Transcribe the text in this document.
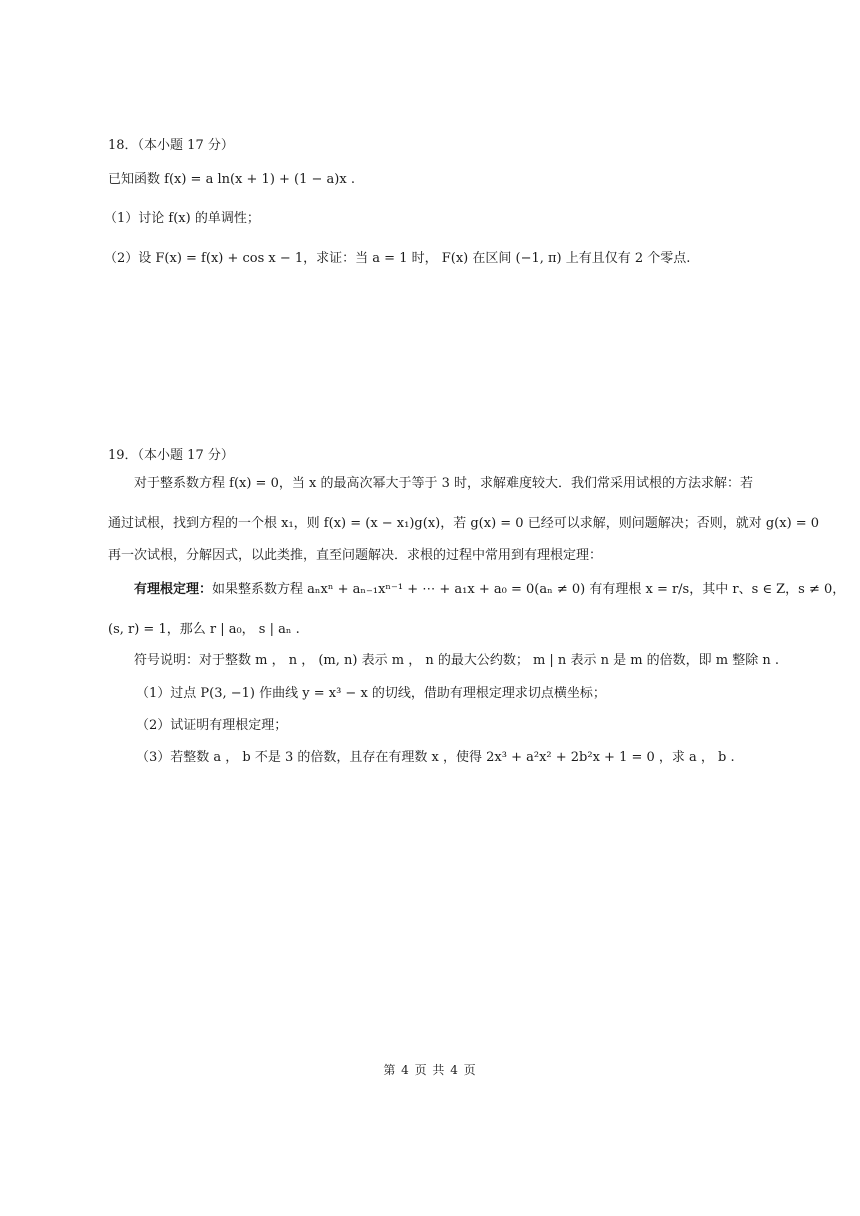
18．（本小题 17 分）
已知函数 f(x) = a ln(x + 1) + (1 − a)x .
（1）讨论 f(x) 的单调性；
（2）设 F(x) = f(x) + cos x − 1，求证：当 a = 1 时， F(x) 在区间 (−1, π) 上有且仅有 2 个零点.
19．（本小题 17 分）
对于整系数方程 f(x) = 0，当 x 的最高次幂大于等于 3 时，求解难度较大．我们常采用试根的方法求解：若
通过试根，找到方程的一个根 x₁，则 f(x) = (x − x₁)g(x)，若 g(x) = 0 已经可以求解，则问题解决；否则，就对 g(x) = 0
再一次试根，分解因式，以此类推，直至问题解决．求根的过程中常用到有理根定理：
有理根定理：如果整系数方程 aₙxⁿ + aₙ₋₁xⁿ⁻¹ + ⋯ + a₁x + a₀ = 0(aₙ ≠ 0) 有有理根 x = r/s，其中 r、s ∈ Z，s ≠ 0，
(s, r) = 1，那么 r | a₀， s | aₙ .
符号说明：对于整数 m ， n ， (m, n) 表示 m ， n 的最大公约数； m | n 表示 n 是 m 的倍数，即 m 整除 n .
（1）过点 P(3, −1) 作曲线 y = x³ − x 的切线，借助有理根定理求切点横坐标；
（2）试证明有理根定理；
（3）若整数 a ， b 不是 3 的倍数，且存在有理数 x ，使得 2x³ + a²x² + 2b²x + 1 = 0 ，求 a ， b .
第 4 页 共 4 页
